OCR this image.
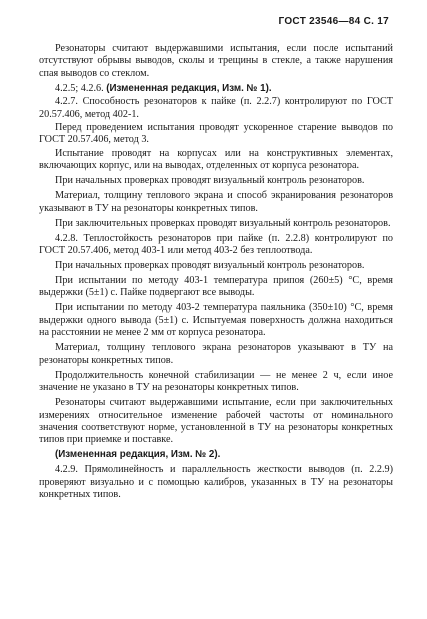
ГОСТ 23546—84 С. 17

Резонаторы считают выдержавшими испытания, если после испытаний отсутствуют обрывы выводов, сколы и трещины в стекле, а также нарушения спая выводов со стеклом.

4.2.5; 4.2.6. (Измененная редакция, Изм. № 1).

4.2.7. Способность резонаторов к пайке (п. 2.2.7) контролируют по ГОСТ 20.57.406, метод 402-1.

Перед проведением испытания проводят ускоренное старение выводов по ГОСТ 20.57.406, метод 3.

Испытание проводят на корпусах или на конструктивных элементах, включающих корпус, или на выводах, отделенных от корпуса резонатора.

При начальных проверках проводят визуальный контроль резонаторов.

Материал, толщину теплового экрана и способ экранирования резонаторов указывают в ТУ на резонаторы конкретных типов.

При заключительных проверках проводят визуальный контроль резонаторов.

4.2.8. Теплостойкость резонаторов при пайке (п. 2.2.8) контролируют по ГОСТ 20.57.406, метод 403-1 или метод 403-2 без теплоотвода.

При начальных проверках проводят визуальный контроль резонаторов.

При испытании по методу 403-1 температура припоя (260±5) °С, время выдержки (5±1) с. Пайке подвергают все выводы.

При испытании по методу 403-2 температура паяльника (350±10) °С, время выдержки одного вывода (5±1) с. Испытуемая поверхность должна находиться на расстоянии не менее 2 мм от корпуса резонатора.

Материал, толщину теплового экрана резонаторов указывают в ТУ на резонаторы конкретных типов.

Продолжительность конечной стабилизации — не менее 2 ч, если иное значение не указано в ТУ на резонаторы конкретных типов.

Резонаторы считают выдержавшими испытание, если при заключительных измерениях относительное изменение рабочей частоты от номинального значения соответствуют норме, установленной в ТУ на резонаторы конкретных типов при приемке и поставке.

(Измененная редакция, Изм. № 2).

4.2.9. Прямолинейность и параллельность жесткости выводов (п. 2.2.9) проверяют визуально и с помощью калибров, указанных в ТУ на резонаторы конкретных типов.
